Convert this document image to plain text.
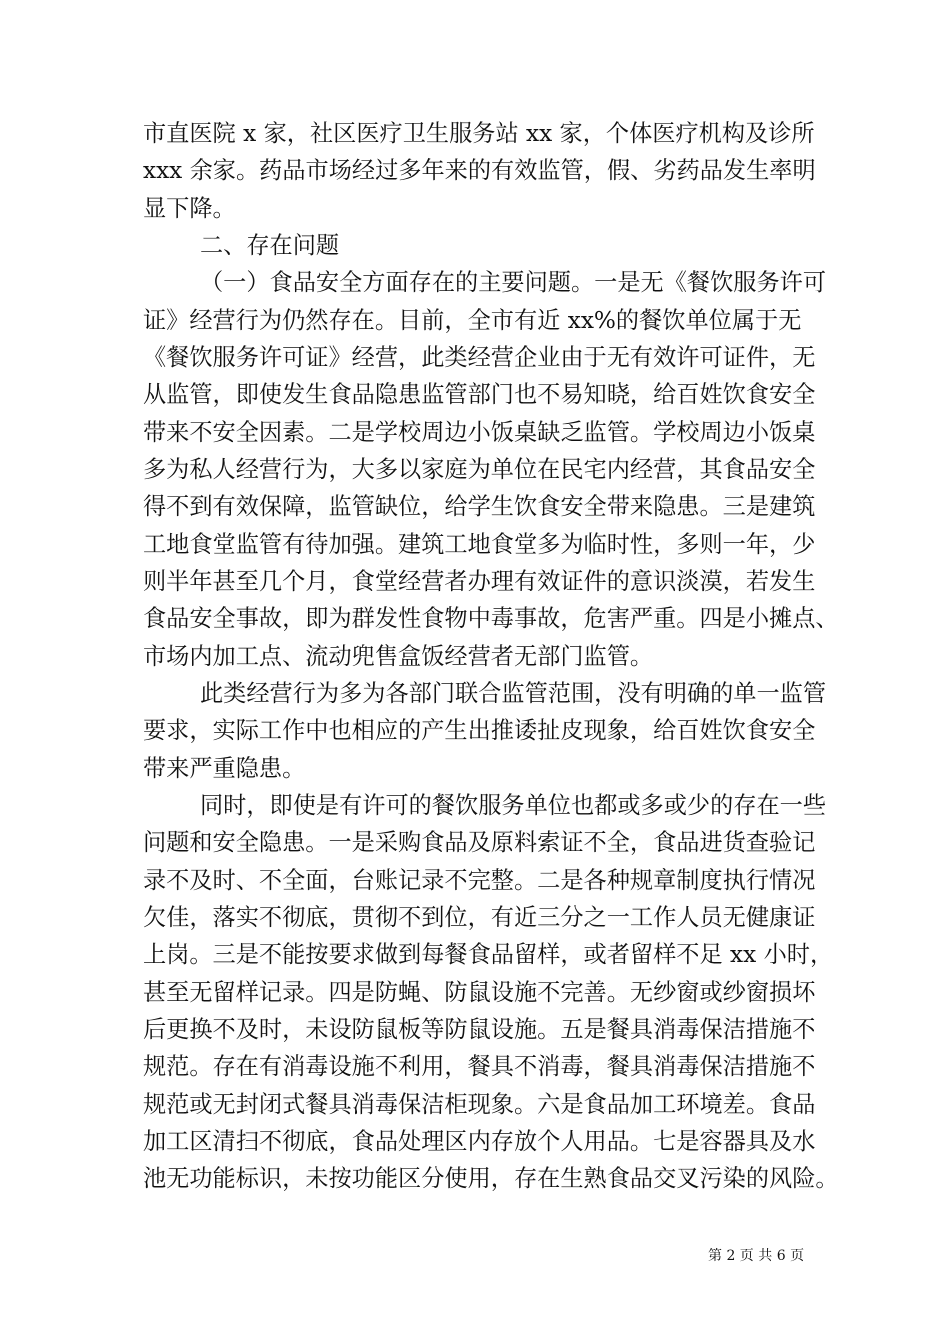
市直医院 x 家，社区医疗卫生服务站 xx 家，个体医疗机构及诊所
xxx 余家。药品市场经过多年来的有效监管，假、劣药品发生率明
显下降。
二、存在问题
（一）食品安全方面存在的主要问题。一是无《餐饮服务许可
证》经营行为仍然存在。目前，全市有近 xx%的餐饮单位属于无
《餐饮服务许可证》经营，此类经营企业由于无有效许可证件，无
从监管，即使发生食品隐患监管部门也不易知晓，给百姓饮食安全
带来不安全因素。二是学校周边小饭桌缺乏监管。学校周边小饭桌
多为私人经营行为，大多以家庭为单位在民宅内经营，其食品安全
得不到有效保障，监管缺位，给学生饮食安全带来隐患。三是建筑
工地食堂监管有待加强。建筑工地食堂多为临时性，多则一年，少
则半年甚至几个月，食堂经营者办理有效证件的意识淡漠，若发生
食品安全事故，即为群发性食物中毒事故，危害严重。四是小摊点、
市场内加工点、流动兜售盒饭经营者无部门监管。
此类经营行为多为各部门联合监管范围，没有明确的单一监管
要求，实际工作中也相应的产生出推诿扯皮现象，给百姓饮食安全
带来严重隐患。
同时，即使是有许可的餐饮服务单位也都或多或少的存在一些
问题和安全隐患。一是采购食品及原料索证不全，食品进货查验记
录不及时、不全面，台账记录不完整。二是各种规章制度执行情况
欠佳，落实不彻底，贯彻不到位，有近三分之一工作人员无健康证
上岗。三是不能按要求做到每餐食品留样，或者留样不足 xx 小时，
甚至无留样记录。四是防蝇、防鼠设施不完善。无纱窗或纱窗损坏
后更换不及时，未设防鼠板等防鼠设施。五是餐具消毒保洁措施不
规范。存在有消毒设施不利用，餐具不消毒，餐具消毒保洁措施不
规范或无封闭式餐具消毒保洁柜现象。六是食品加工环境差。食品
加工区清扫不彻底，食品处理区内存放个人用品。七是容器具及水
池无功能标识，未按功能区分使用，存在生熟食品交叉污染的风险。
第 2 页 共 6 页
